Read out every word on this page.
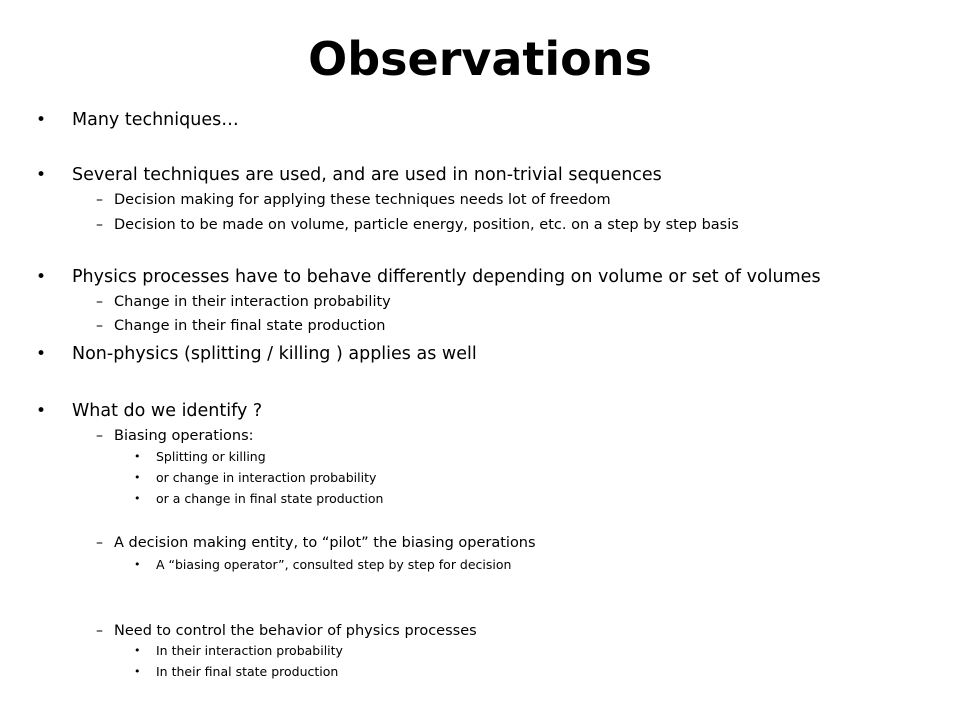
Observations
• Many techniques…
• Several techniques are used, and are used in non-trivial sequences
– Decision making for applying these techniques needs lot of freedom
– Decision to be made on volume, particle energy, position, etc. on a step by step basis
• Physics processes have to behave differently depending on volume or set of volumes
– Change in their interaction probability
– Change in their final state production
• Non-physics (splitting / killing ) applies as well
• What do we identify ?
– Biasing operations:
• Splitting or killing
• or change in interaction probability
• or a change in final state production
– A decision making entity, to “pilot” the biasing operations
• A “biasing operator”, consulted step by step for decision
– Need to control the behavior of physics processes
• In their interaction probability
• In their final state production
